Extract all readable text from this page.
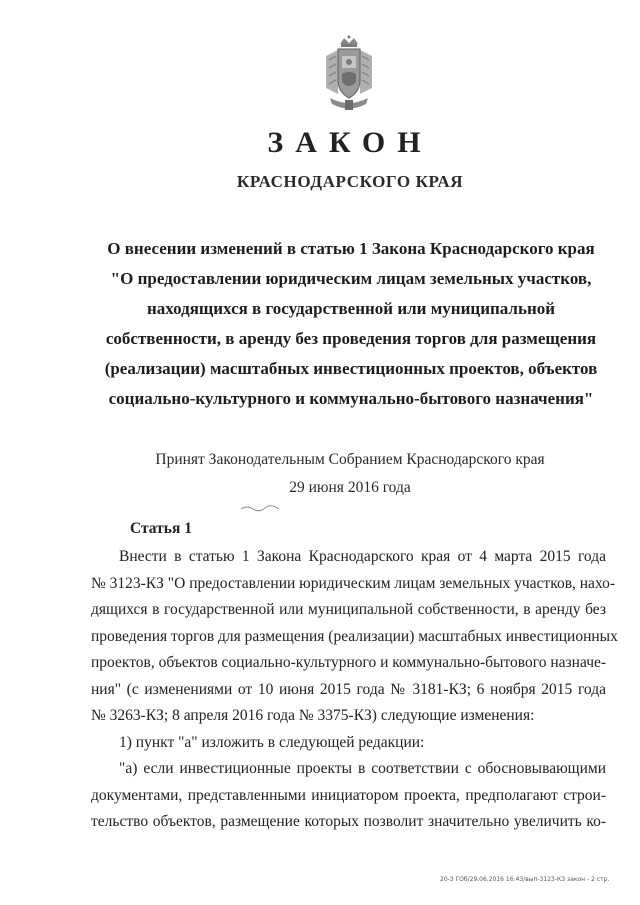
ЗАКОН
КРАСНОДАРСКОГО КРАЯ
О внесении изменений в статью 1 Закона Краснодарского края
"О предоставлении юридическим лицам земельных участков,
находящихся в государственной или муниципальной
собственности, в аренду без проведения торгов для размещения
(реализации) масштабных инвестиционных проектов, объектов
социально-культурного и коммунально-бытового назначения"
Принят Законодательным Собранием Краснодарского края
29 июня 2016 года
Статья 1
Внести в статью 1 Закона Краснодарского края от 4 марта 2015 года
№ 3123-КЗ "О предоставлении юридическим лицам земельных участков, нахо-
дящихся в государственной или муниципальной собственности, в аренду без
проведения торгов для размещения (реализации) масштабных инвестиционных
проектов, объектов социально-культурного и коммунально-бытового назначе-
ния" (с изменениями от 10 июня 2015 года № 3181-КЗ; 6 ноября 2015 года
№ 3263-КЗ; 8 апреля 2016 года № 3375-КЗ) следующие изменения:
1) пункт "а" изложить в следующей редакции:
"а) если инвестиционные проекты в соответствии с обосновывающими
документами, представленными инициатором проекта, предполагают строи-
тельство объектов, размещение которых позволит значительно увеличить ко-
20-3 ГОб/29.06.2016 16:43/вып-3123-КЗ закон - 2 стр.
